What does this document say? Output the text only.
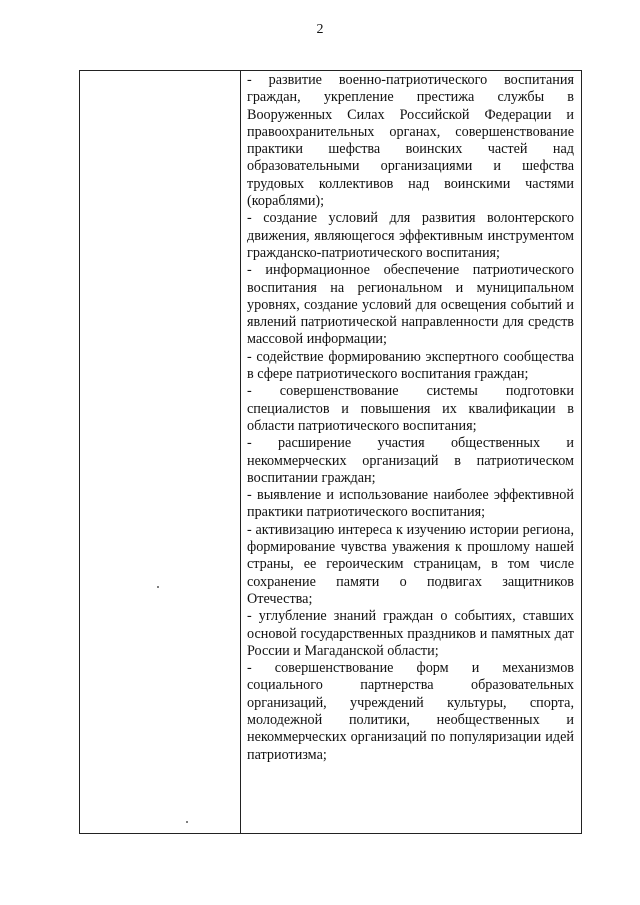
2

- развитие военно-патриотического воспитания граждан, укрепление престижа службы в Вооруженных Силах Российской Федерации и правоохранительных органах, совершенствование практики шефства воинских частей над образовательными организациями и шефства трудовых коллективов над воинскими частями (кораблями);

- создание условий для развития волонтерского движения, являющегося эффективным инструментом гражданско-патриотического воспитания;

- информационное обеспечение патриотического воспитания на региональном и муниципальном уровнях, создание условий для освещения событий и явлений патриотической направленности для средств массовой информации;

- содействие формированию экспертного сообщества в сфере патриотического воспитания граждан;

- совершенствование системы подготовки специалистов и повышения их квалификации в области патриотического воспитания;

- расширение участия общественных и некоммерческих организаций в патриотическом воспитании граждан;

- выявление и использование наиболее эффективной практики патриотического воспитания;

- активизацию интереса к изучению истории региона, формирование чувства уважения к прошлому нашей страны, ее героическим страницам, в том числе сохранение памяти о подвигах защитников Отечества;

- углубление знаний граждан о событиях, ставших основой государственных праздников и памятных дат России и Магаданской области;

- совершенствование форм и механизмов социального партнерства образовательных организаций, учреждений культуры, спорта, молодежной политики, необщественных и некоммерческих организаций по популяризации идей патриотизма;
